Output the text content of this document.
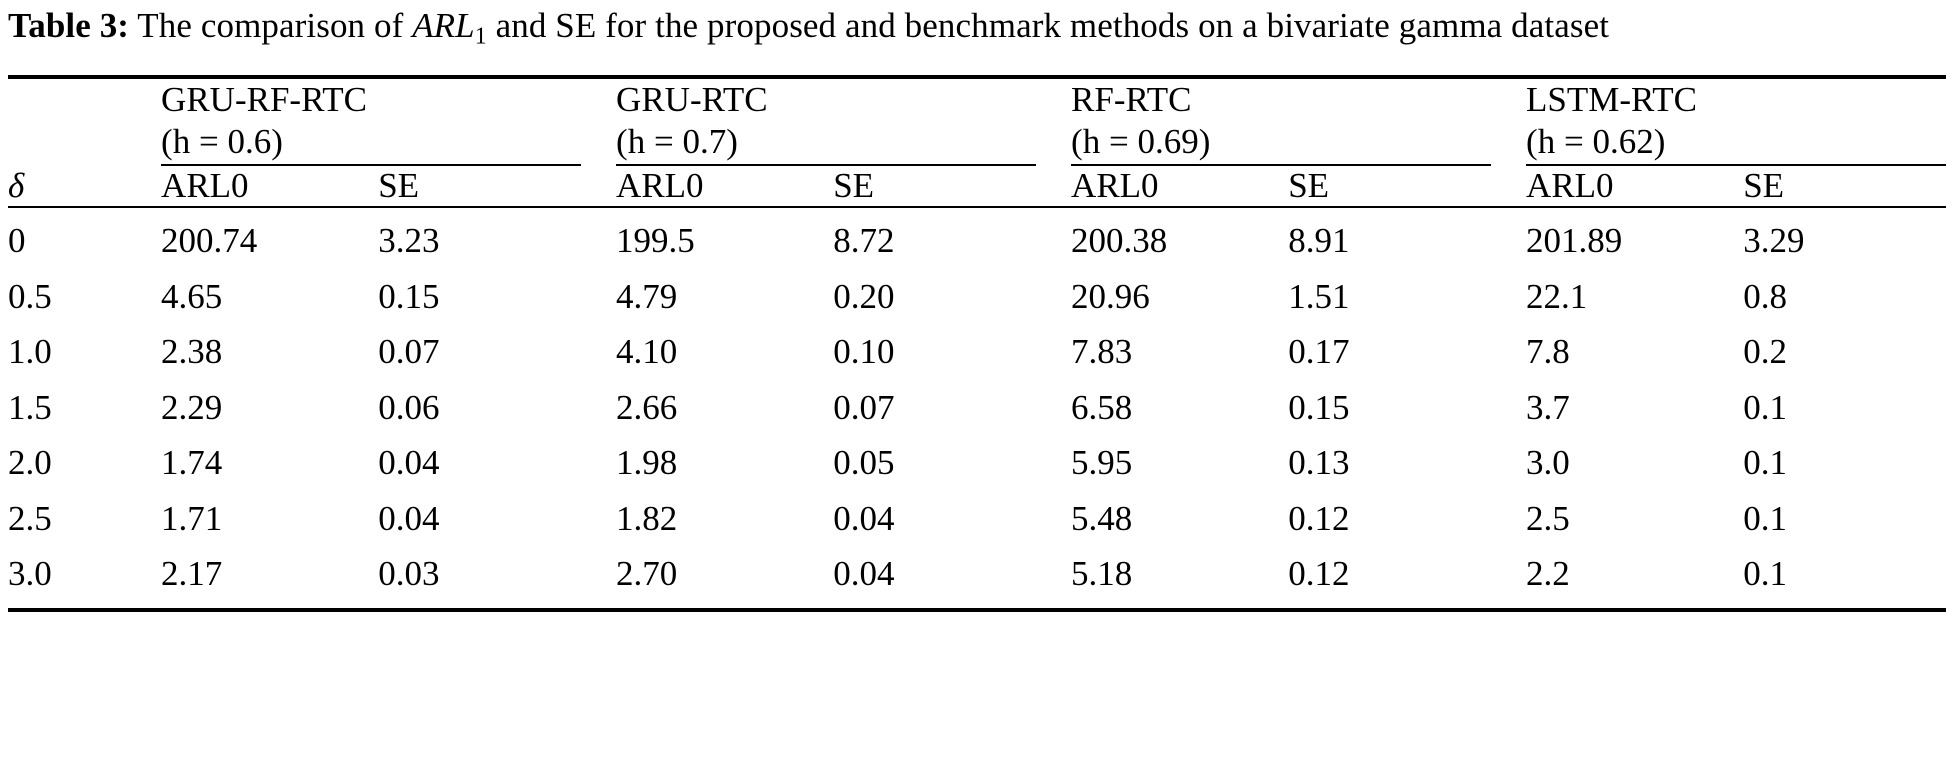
Table 3: The comparison of $ARL_1$ and SE for the proposed and benchmark methods on a bivariate gamma dataset

	GRU-RF-RTC
(h = 0.6)			GRU-RTC
(h = 0.7)			RF-RTC
(h = 0.69)			LSTM-RTC
(h = 0.62)	

δ	ARL0	SE		ARL0	SE		ARL0	SE		ARL0	SE

0	200.74	3.23		199.5	8.72		200.38	8.91		201.89	3.29
0.5	4.65	0.15		4.79	0.20		20.96	1.51		22.1	0.8
1.0	2.38	0.07		4.10	0.10		7.83	0.17		7.8	0.2
1.5	2.29	0.06		2.66	0.07		6.58	0.15		3.7	0.1
2.0	1.74	0.04		1.98	0.05		5.95	0.13		3.0	0.1
2.5	1.71	0.04		1.82	0.04		5.48	0.12		2.5	0.1
3.0	2.17	0.03		2.70	0.04		5.18	0.12		2.2	0.1
